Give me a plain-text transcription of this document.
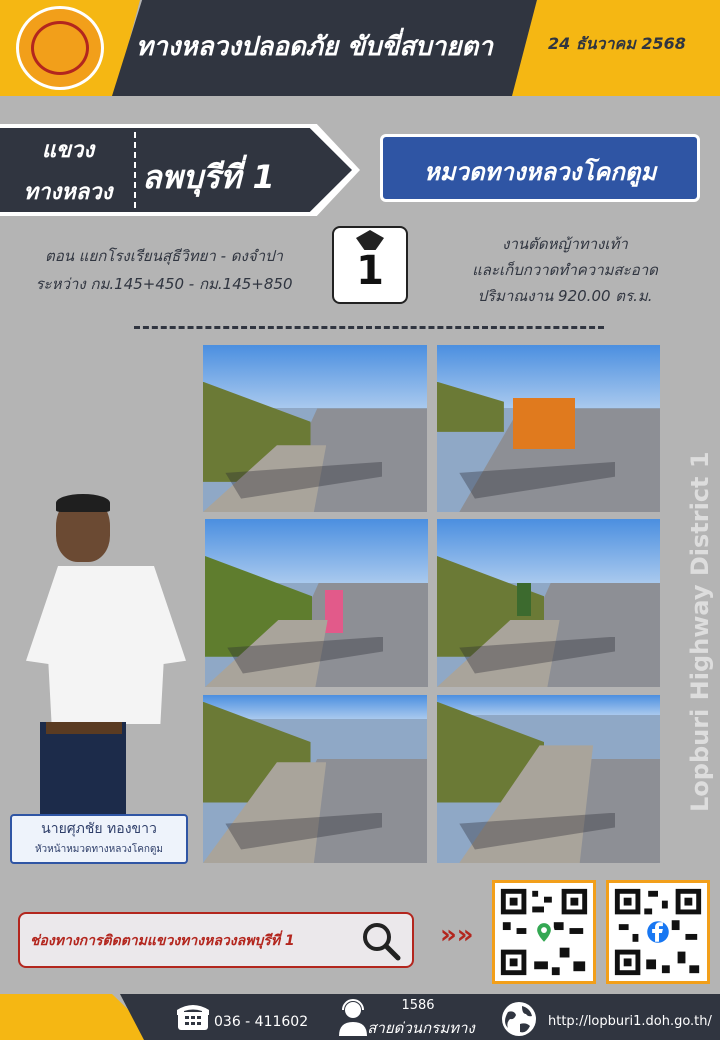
ทางหลวงปลอดภัย ขับขี่สบายตา	24 ธันวาคม 2568
แขวง
ทางหลวง ลพบุรีที่ 1	หมวดทางหลวงโคกตูม
ตอน แยกโรงเรียนสุธีวิทยา - ดงจำปา
ระหว่าง กม.145+450 - กม.145+850	1
งานตัดหญ้าทางเท้า
และเก็บกวาดทำความสะอาด
ปริมาณงาน 920.00 ตร.ม.
นายศุภชัย ทองขาว
หัวหน้าหมวดทางหลวงโคกตูม
Lopburi Highway District 1
ช่องทางการติดตามแขวงทางหลวงลพบุรีที่ 1	»»
036 - 411602
1586
สายด่วนกรมทาง	http://lopburi1.doh.go.th/
